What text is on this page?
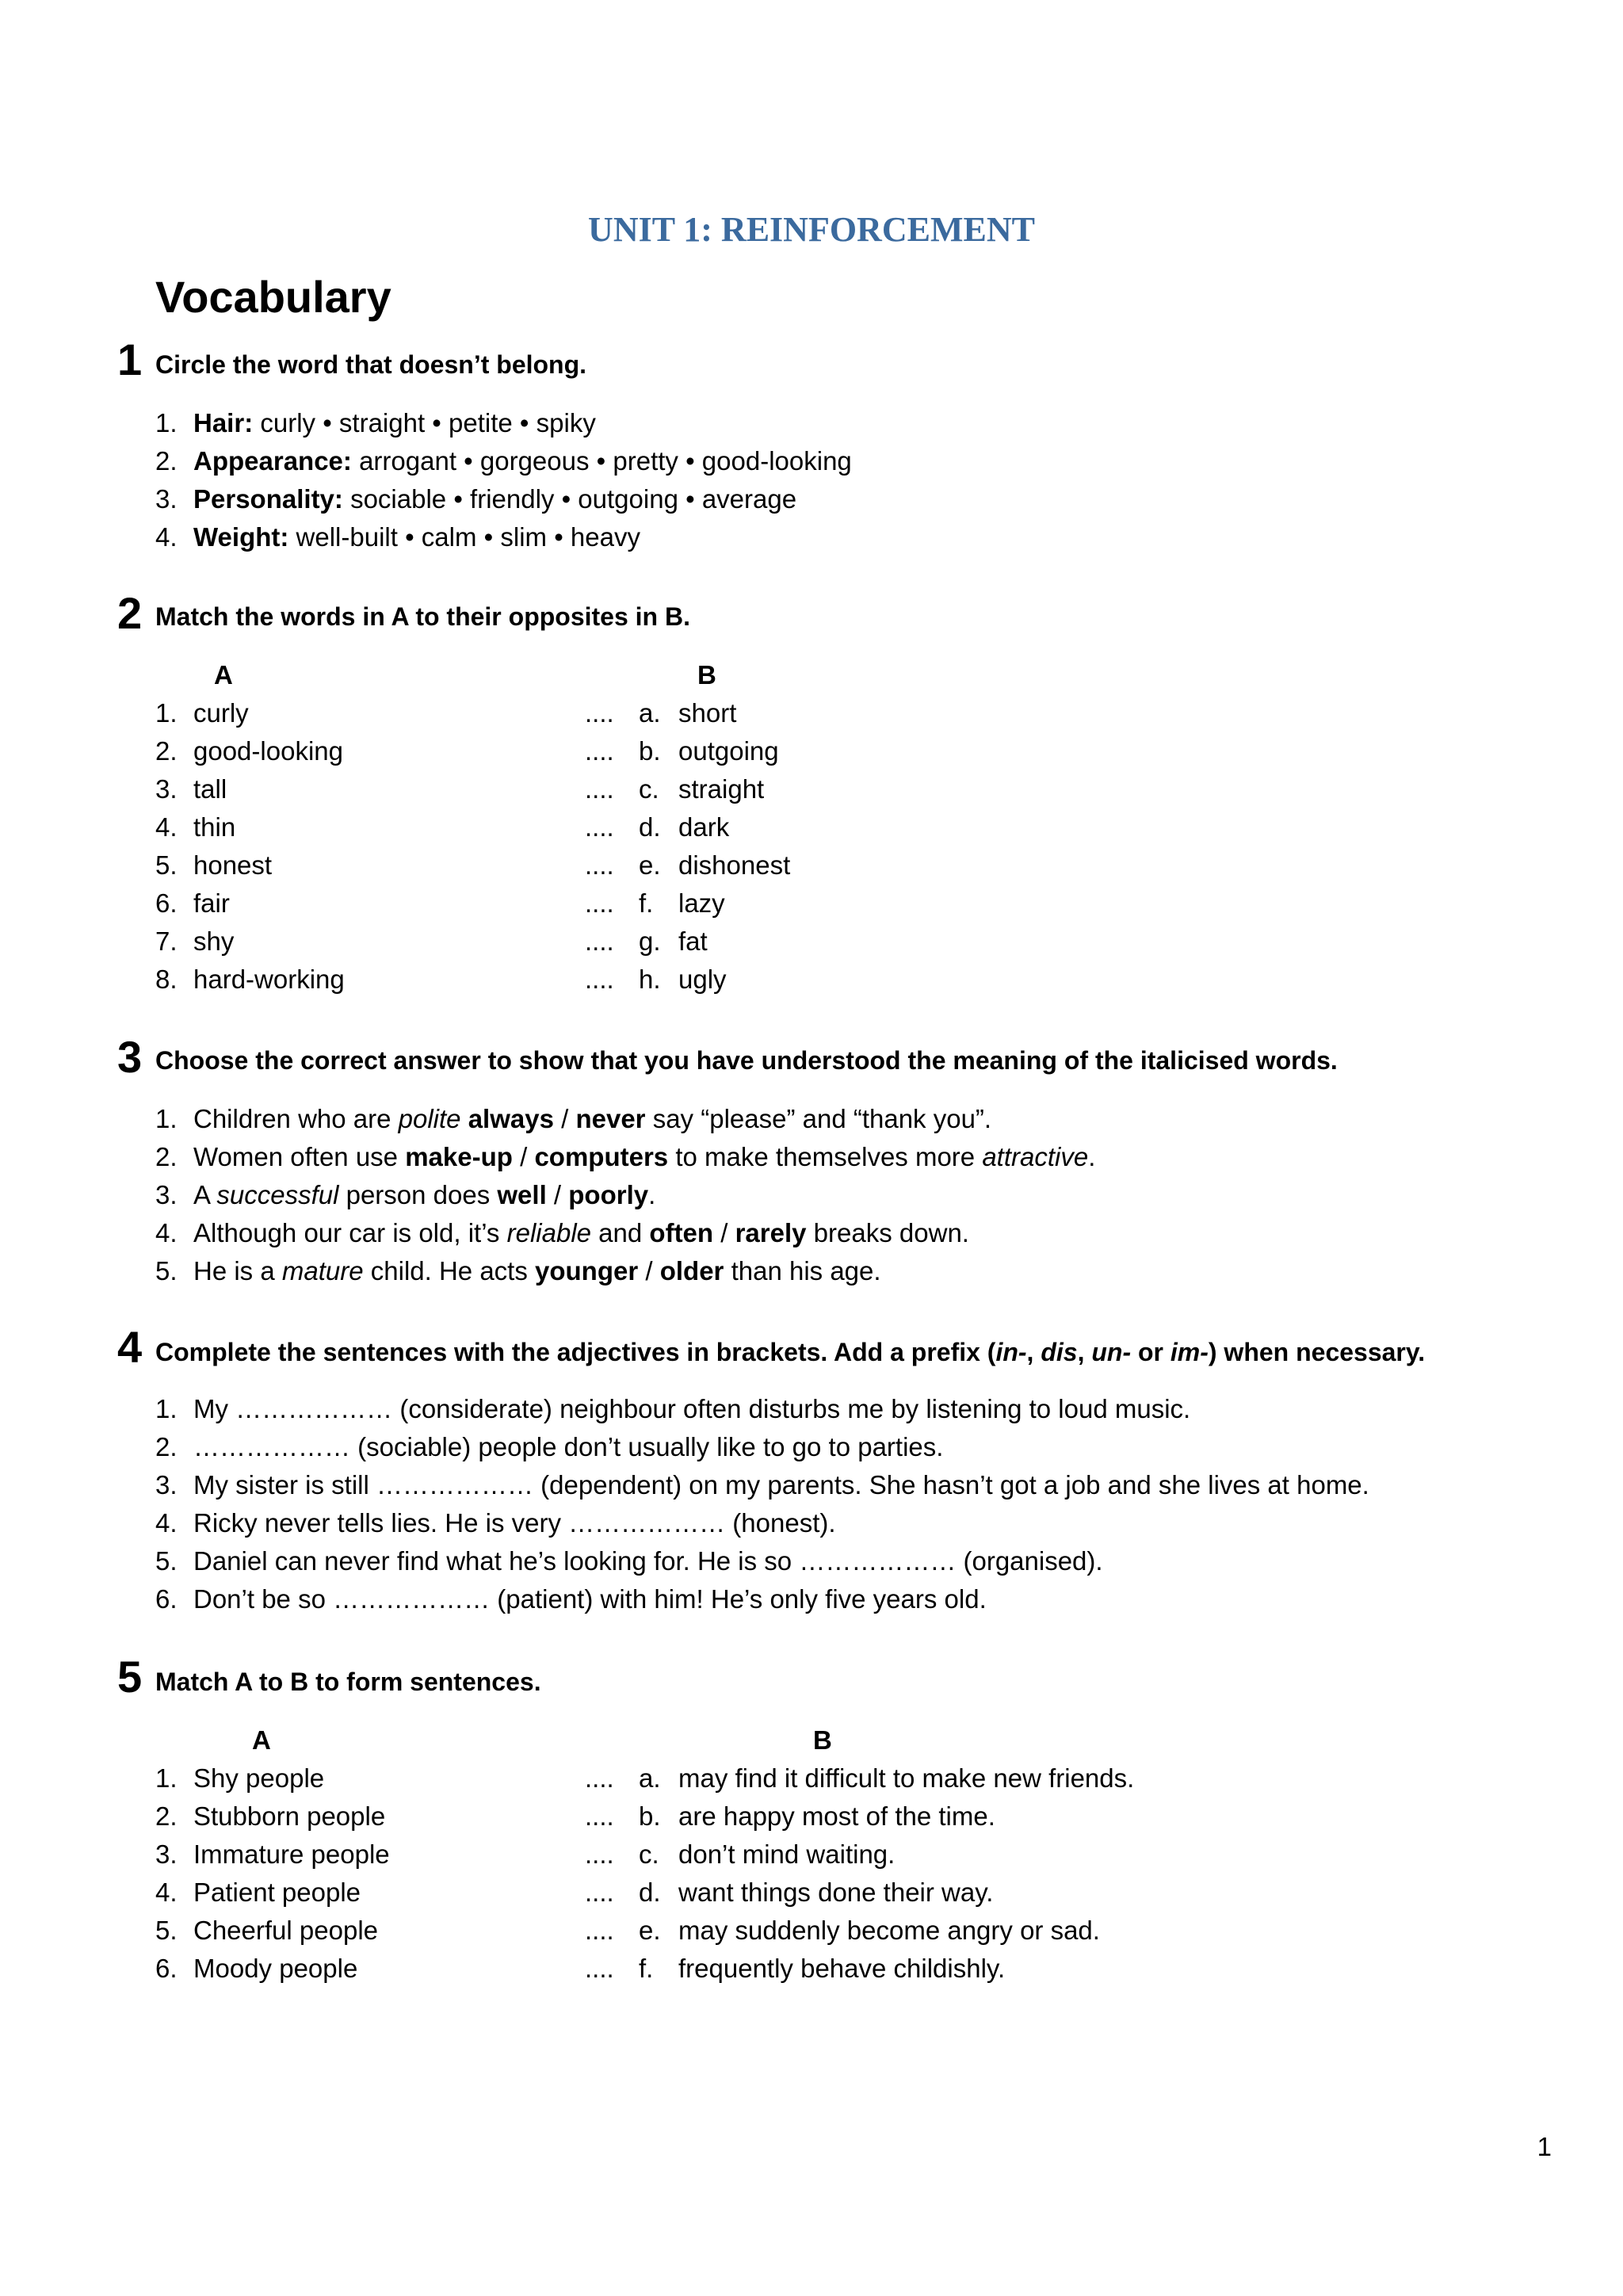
UNIT 1: REINFORCEMENT
Vocabulary
1 Circle the word that doesn’t belong.
1. Hair: curly • straight • petite • spiky
2. Appearance: arrogant • gorgeous • pretty • good-looking
3. Personality: sociable • friendly • outgoing • average
4. Weight: well-built • calm • slim • heavy
2 Match the words in A to their opposites in B.
A	B
1. curly	.... a. short
2. good-looking	.... b. outgoing
3. tall	.... c. straight
4. thin	.... d. dark
5. honest	.... e. dishonest
6. fair	.... f. lazy
7. shy	.... g. fat
8. hard-working	.... h. ugly
3 Choose the correct answer to show that you have understood the meaning of the italicised words.
1. Children who are polite always / never say “please” and “thank you”.
2. Women often use make-up / computers to make themselves more attractive.
3. A successful person does well / poorly.
4. Although our car is old, it’s reliable and often / rarely breaks down.
5. He is a mature child. He acts younger / older than his age.
4 Complete the sentences with the adjectives in brackets. Add a prefix (in-, dis, un- or im-) when necessary.
1. My ……………… (considerate) neighbour often disturbs me by listening to loud music.
2. ……………… (sociable) people don’t usually like to go to parties.
3. My sister is still ……………… (dependent) on my parents. She hasn’t got a job and she lives at home.
4. Ricky never tells lies. He is very ……………… (honest).
5. Daniel can never find what he’s looking for. He is so ……………… (organised).
6. Don’t be so ……………… (patient) with him! He’s only five years old.
5 Match A to B to form sentences.
A	B
1. Shy people	.... a. may find it difficult to make new friends.
2. Stubborn people	.... b. are happy most of the time.
3. Immature people	.... c. don’t mind waiting.
4. Patient people	.... d. want things done their way.
5. Cheerful people	.... e. may suddenly become angry or sad.
6. Moody people	.... f. frequently behave childishly.
1
